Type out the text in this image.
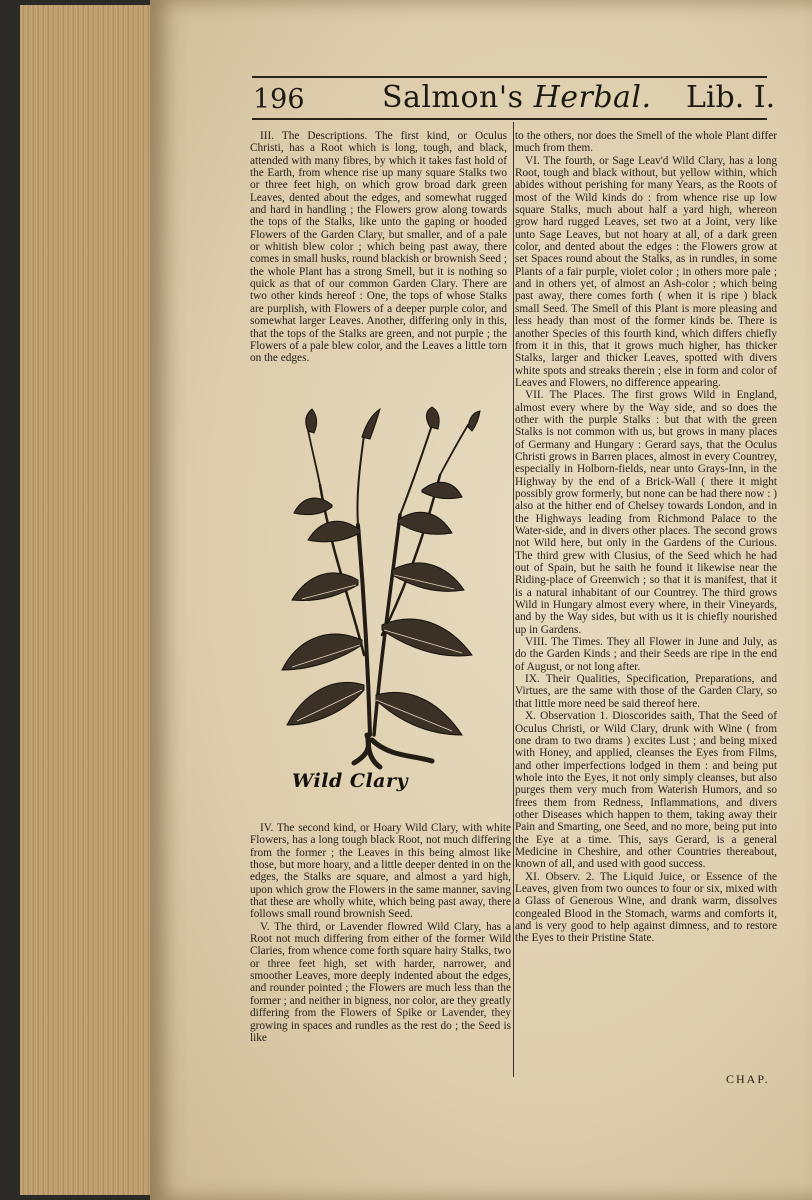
196	Salmon's Herbal. Lib. I.

III. The Descriptions. The first kind, or Oculus Christi, has a Root which is long, tough, and black, attended with many fibres, by which it takes fast hold of the Earth, from whence rise up many square Stalks two or three feet high, on which grow broad dark green Leaves, dented about the edges, and somewhat rugged and hard in handling ; the Flowers grow along towards the tops of the Stalks, like unto the gaping or hooded Flowers of the Garden Clary, but smaller, and of a pale or whitish blew color ; which being past away, there comes in small husks, round blackish or brownish Seed ; the whole Plant has a strong Smell, but it is nothing so quick as that of our common Garden Clary. There are two other kinds hereof : One, the tops of whose Stalks are purplish, with Flowers of a deeper purple color, and somewhat larger Leaves. Another, differing only in this, that the tops of the Stalks are green, and not purple ; the Flowers of a pale blew color, and the Leaves a little torn on the edges.

Wild Clary

IV. The second kind, or Hoary Wild Clary, with white Flowers, has a long tough black Root, not much differing from the former ; the Leaves in this being almost like those, but more hoary, and a little deeper dented in on the edges, the Stalks are square, and almost a yard high, upon which grow the Flowers in the same manner, saving that these are wholly white, which being past away, there follows small round brownish Seed.

V. The third, or Lavender flowred Wild Clary, has a Root not much differing from either of the former Wild Claries, from whence come forth square hairy Stalks, two or three feet high, set with harder, narrower, and smoother Leaves, more deeply indented about the edges, and rounder pointed ; the Flowers are much less than the former ; and neither in bigness, nor color, are they greatly differing from the Flowers of Spike or Lavender, they growing in spaces and rundles as the rest do ; the Seed is like

to the others, nor does the Smell of the whole Plant differ much from them.

VI. The fourth, or Sage Leav'd Wild Clary, has a long Root, tough and black without, but yellow within, which abides without perishing for many Years, as the Roots of most of the Wild kinds do : from whence rise up low square Stalks, much about half a yard high, whereon grow hard rugged Leaves, set two at a Joint, very like unto Sage Leaves, but not hoary at all, of a dark green color, and dented about the edges : the Flowers grow at set Spaces round about the Stalks, as in rundles, in some Plants of a fair purple, violet color ; in others more pale ; and in others yet, of almost an Ash-color ; which being past away, there comes forth ( when it is ripe ) black small Seed. The Smell of this Plant is more pleasing and less heady than most of the former kinds be. There is another Species of this fourth kind, which differs chiefly from it in this, that it grows much higher, has thicker Stalks, larger and thicker Leaves, spotted with divers white spots and streaks therein ; else in form and color of Leaves and Flowers, no difference appearing.

VII. The Places. The first grows Wild in England, almost every where by the Way side, and so does the other with the purple Stalks : but that with the green Stalks is not common with us, but grows in many places of Germany and Hungary : Gerard says, that the Oculus Christi grows in Barren places, almost in every Countrey, especially in Holborn-fields, near unto Grays-Inn, in the Highway by the end of a Brick-Wall ( there it might possibly grow formerly, but none can be had there now : ) also at the hither end of Chelsey towards London, and in the Highways leading from Richmond Palace to the Water-side, and in divers other places. The second grows not Wild here, but only in the Gardens of the Curious. The third grew with Clusius, of the Seed which he had out of Spain, but he saith he found it likewise near the Riding-place of Greenwich ; so that it is manifest, that it is a natural inhabitant of our Countrey. The third grows Wild in Hungary almost every where, in their Vineyards, and by the Way sides, but with us it is chiefly nourished up in Gardens.

VIII. The Times. They all Flower in June and July, as do the Garden Kinds ; and their Seeds are ripe in the end of August, or not long after.

IX. Their Qualities, Specification, Preparations, and Virtues, are the same with those of the Garden Clary, so that little more need be said thereof here.

X. Observation 1. Dioscorides saith, That the Seed of Oculus Christi, or Wild Clary, drunk with Wine ( from one dram to two drams ) excites Lust ; and being mixed with Honey, and applied, cleanses the Eyes from Films, and other imperfections lodged in them : and being put whole into the Eyes, it not only simply cleanses, but also purges them very much from Waterish Humors, and so frees them from Redness, Inflammations, and divers other Diseases which happen to them, taking away their Pain and Smarting, one Seed, and no more, being put into the Eye at a time. This, says Gerard, is a general Medicine in Cheshire, and other Countries thereabout, known of all, and used with good success.

XI. Observ. 2. The Liquid Juice, or Essence of the Leaves, given from two ounces to four or six, mixed with a Glass of Generous Wine, and drank warm, dissolves congealed Blood in the Stomach, warms and comforts it, and is very good to help against dimness, and to restore the Eyes to their Pristine State.

CHAP.
